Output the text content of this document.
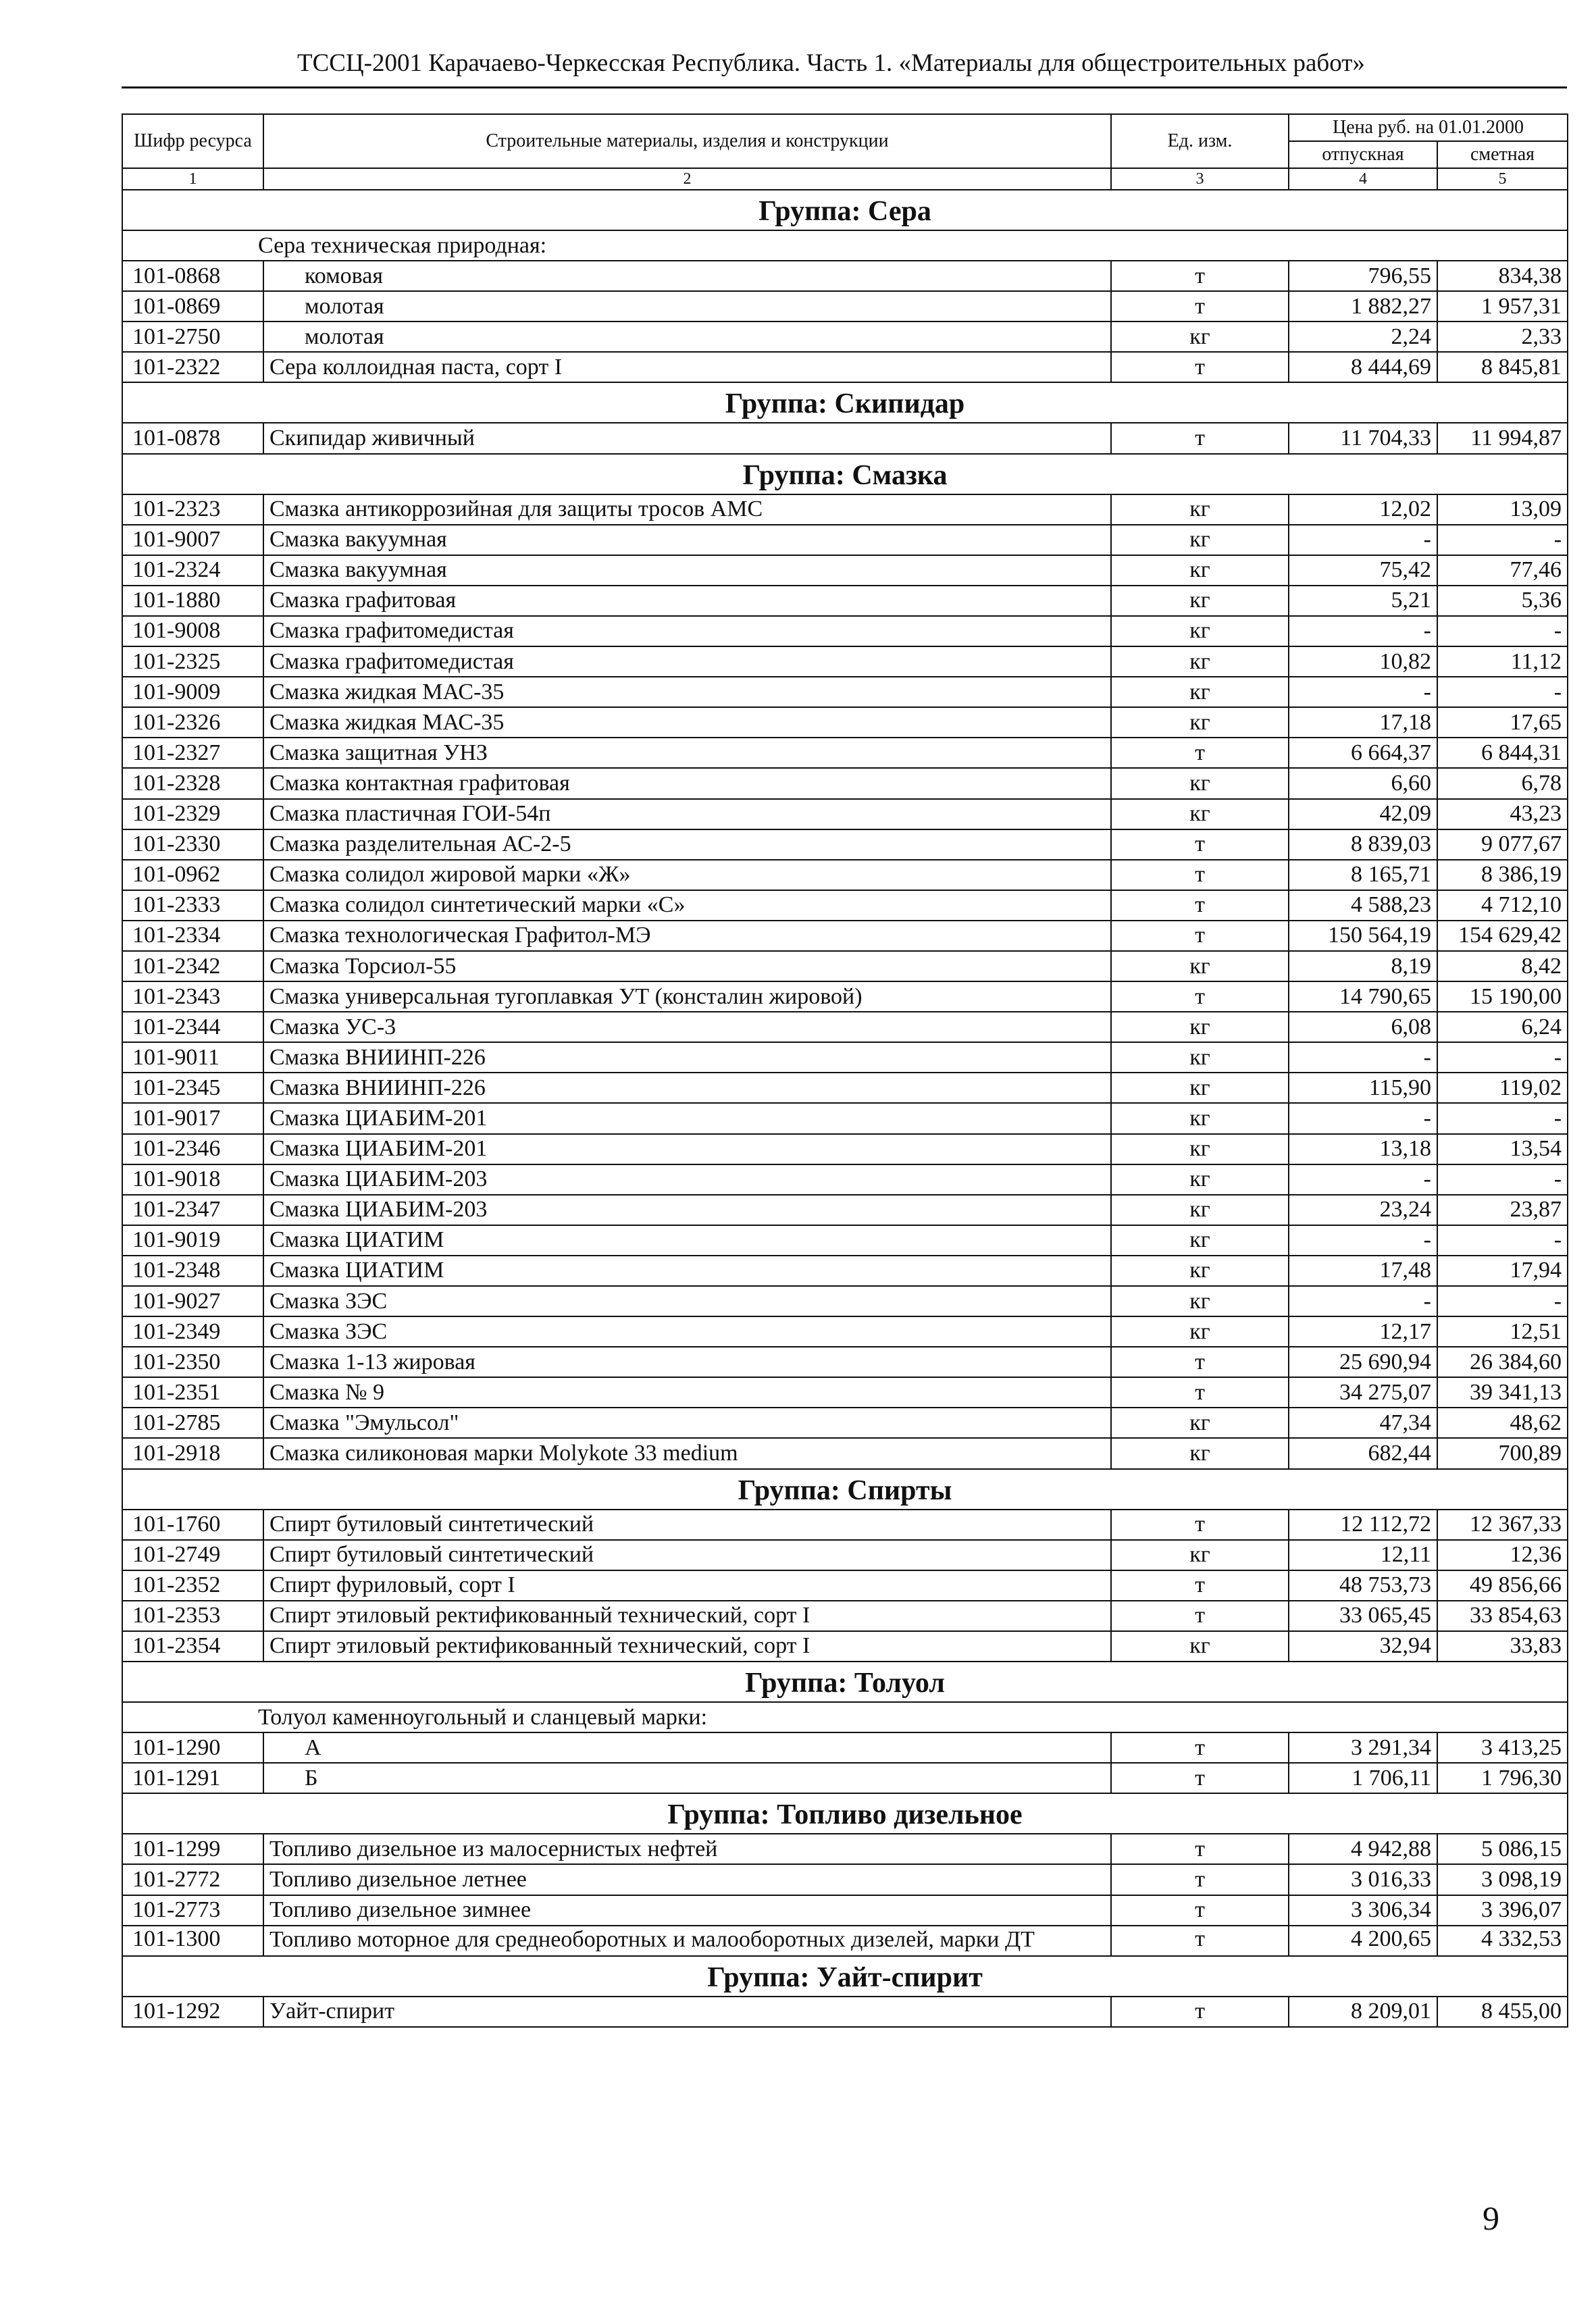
ТССЦ-2001 Карачаево-Черкесская Республика. Часть 1. «Материалы для общестроительных работ»
Шифр ресурса	Строительные материалы, изделия и конструкции	Ед. изм.	Цена руб. на 01.01.2000	
			отпускная	сметная
1	2	3	4	5
Группа: Сера				
Сера техническая природная:				
101-0868	комовая	т	796,55	834,38
101-0869	молотая	т	1 882,27	1 957,31
101-2750	молотая	кг	2,24	2,33
101-2322	Сера коллоидная паста, сорт I	т	8 444,69	8 845,81
Группа: Скипидар				
101-0878	Скипидар живичный	т	11 704,33	11 994,87
Группа: Смазка				
101-2323	Смазка антикоррозийная для защиты тросов АМС	кг	12,02	13,09
101-9007	Смазка вакуумная	кг	-	-
101-2324	Смазка вакуумная	кг	75,42	77,46
101-1880	Смазка графитовая	кг	5,21	5,36
101-9008	Смазка графитомедистая	кг	-	-
101-2325	Смазка графитомедистая	кг	10,82	11,12
101-9009	Смазка жидкая МАС-35	кг	-	-
101-2326	Смазка жидкая МАС-35	кг	17,18	17,65
101-2327	Смазка защитная УНЗ	т	6 664,37	6 844,31
101-2328	Смазка контактная графитовая	кг	6,60	6,78
101-2329	Смазка пластичная ГОИ-54п	кг	42,09	43,23
101-2330	Смазка разделительная АС-2-5	т	8 839,03	9 077,67
101-0962	Смазка солидол жировой марки «Ж»	т	8 165,71	8 386,19
101-2333	Смазка солидол синтетический марки «С»	т	4 588,23	4 712,10
101-2334	Смазка технологическая Графитол-МЭ	т	150 564,19	154 629,42
101-2342	Смазка Торсиол-55	кг	8,19	8,42
101-2343	Смазка универсальная тугоплавкая УТ (консталин жировой)	т	14 790,65	15 190,00
101-2344	Смазка УС-3	кг	6,08	6,24
101-9011	Смазка ВНИИНП-226	кг	-	-
101-2345	Смазка ВНИИНП-226	кг	115,90	119,02
101-9017	Смазка ЦИАБИМ-201	кг	-	-
101-2346	Смазка ЦИАБИМ-201	кг	13,18	13,54
101-9018	Смазка ЦИАБИМ-203	кг	-	-
101-2347	Смазка ЦИАБИМ-203	кг	23,24	23,87
101-9019	Смазка ЦИАТИМ	кг	-	-
101-2348	Смазка ЦИАТИМ	кг	17,48	17,94
101-9027	Смазка ЗЭС	кг	-	-
101-2349	Смазка ЗЭС	кг	12,17	12,51
101-2350	Смазка 1-13 жировая	т	25 690,94	26 384,60
101-2351	Смазка № 9	т	34 275,07	39 341,13
101-2785	Смазка "Эмульсол"	кг	47,34	48,62
101-2918	Смазка силиконовая марки Molykote 33 medium	кг	682,44	700,89
Группа: Спирты				
101-1760	Спирт бутиловый синтетический	т	12 112,72	12 367,33
101-2749	Спирт бутиловый синтетический	кг	12,11	12,36
101-2352	Спирт фуриловый, сорт I	т	48 753,73	49 856,66
101-2353	Спирт этиловый ректификованный технический, сорт I	т	33 065,45	33 854,63
101-2354	Спирт этиловый ректификованный технический, сорт I	кг	32,94	33,83
Группа: Толуол				
Толуол каменноугольный и сланцевый марки:				
101-1290	А	т	3 291,34	3 413,25
101-1291	Б	т	1 706,11	1 796,30
Группа: Топливо дизельное				
101-1299	Топливо дизельное из малосернистых нефтей	т	4 942,88	5 086,15
101-2772	Топливо дизельное летнее	т	3 016,33	3 098,19
101-2773	Топливо дизельное зимнее	т	3 306,34	3 396,07
101-1300	Топливо моторное для среднеоборотных и малооборотных дизелей, марки ДТ	т	4 200,65	4 332,53
Группа: Уайт-спирит				
101-1292	Уайт-спирит	т	8 209,01	8 455,00
9
